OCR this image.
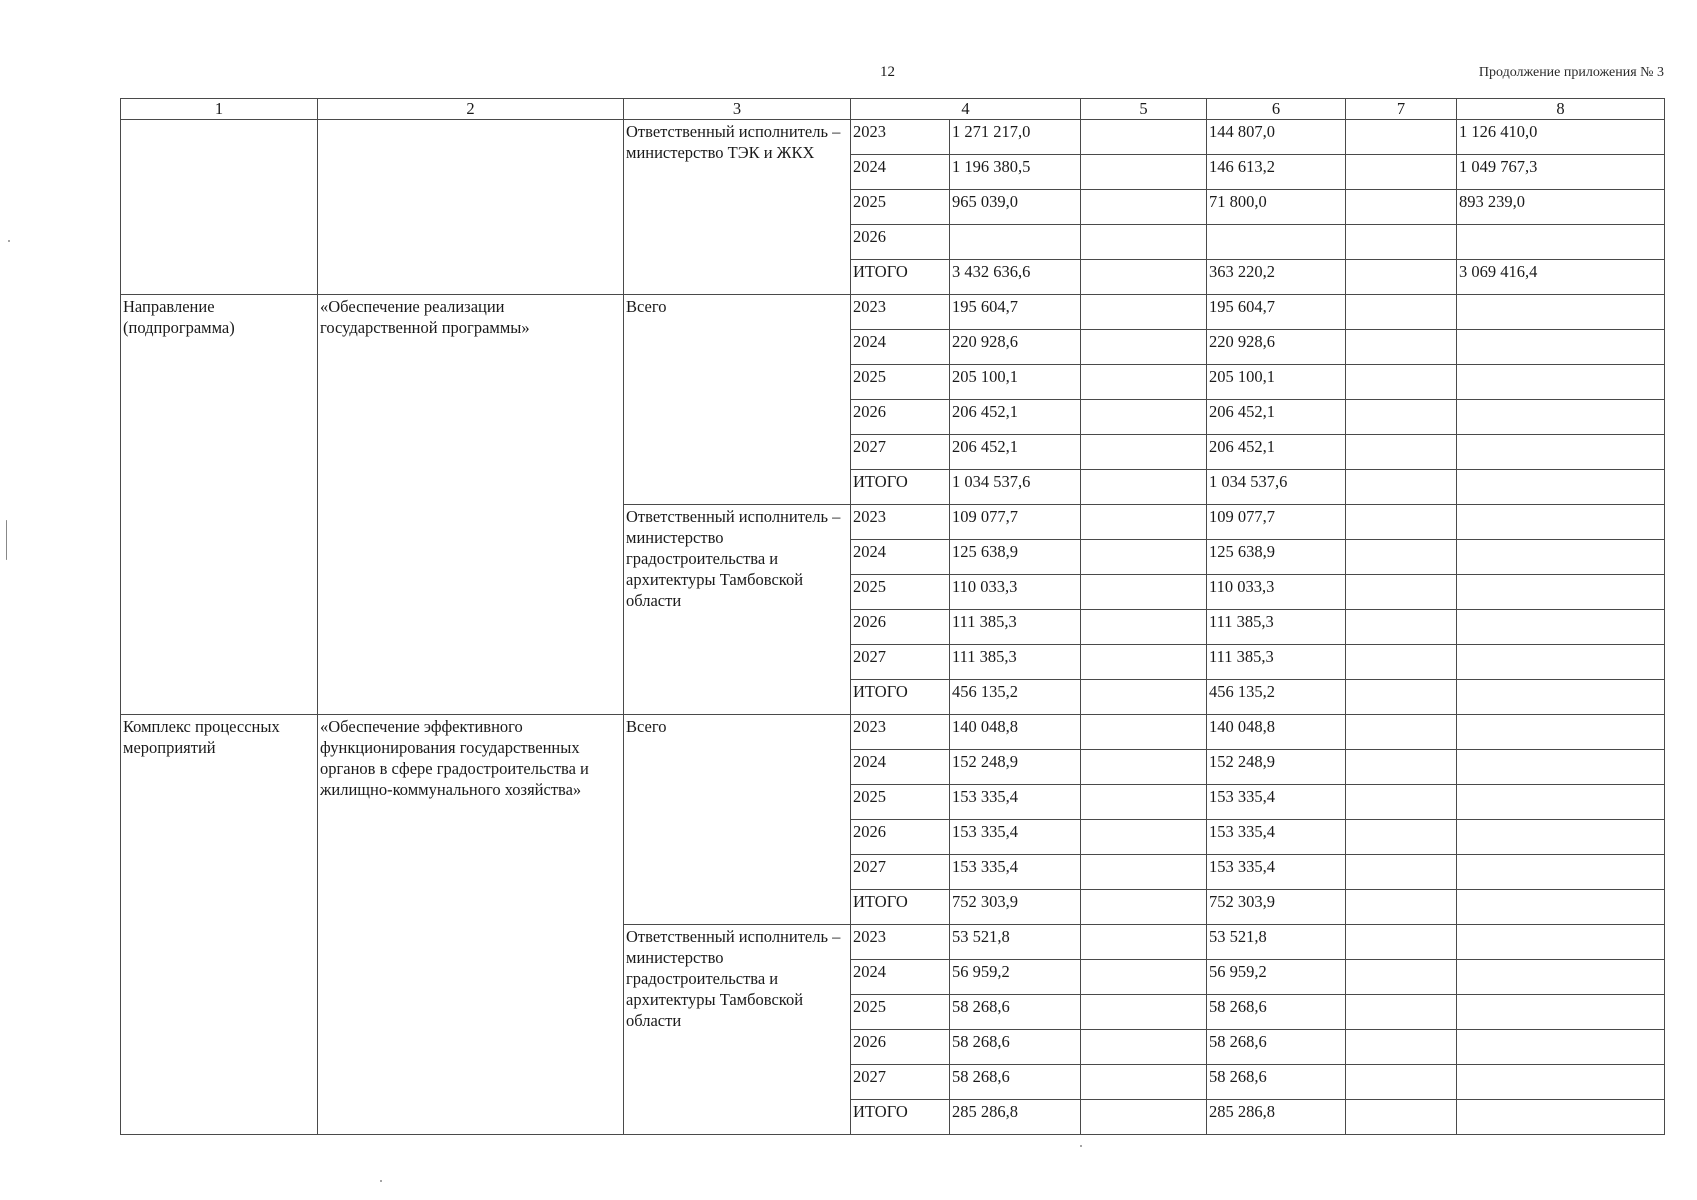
12	Продолжение приложения № 3
1	2	3	4		5	6	7	8
		Ответственный исполнитель – министерство ТЭК и ЖКХ	2023	1 271 217,0		144 807,0		1 126 410,0
			2024	1 196 380,5		146 613,2		1 049 767,3
			2025	965 039,0		71 800,0		893 239,0
			2026					
			ИТОГО	3 432 636,6		363 220,2		3 069 416,4
Направление (подпрограмма)	«Обеспечение реализации государственной программы»	Всего	2023	195 604,7		195 604,7		
			2024	220 928,6		220 928,6		
			2025	205 100,1		205 100,1		
			2026	206 452,1		206 452,1		
			2027	206 452,1		206 452,1		
			ИТОГО	1 034 537,6		1 034 537,6		
		Ответственный исполнитель – министерство градостроительства и архитектуры Тамбовской области	2023	109 077,7		109 077,7		
			2024	125 638,9		125 638,9		
			2025	110 033,3		110 033,3		
			2026	111 385,3		111 385,3		
			2027	111 385,3		111 385,3		
			ИТОГО	456 135,2		456 135,2		
Комплекс процессных мероприятий	«Обеспечение эффективного функционирования государственных органов в сфере градостроительства и жилищно-коммунального хозяйства»	Всего	2023	140 048,8		140 048,8		
			2024	152 248,9		152 248,9		
			2025	153 335,4		153 335,4		
			2026	153 335,4		153 335,4		
			2027	153 335,4		153 335,4		
			ИТОГО	752 303,9		752 303,9		
		Ответственный исполнитель – министерство градостроительства и архитектуры Тамбовской области	2023	53 521,8		53 521,8		
			2024	56 959,2		56 959,2		
			2025	58 268,6		58 268,6		
			2026	58 268,6		58 268,6		
			2027	58 268,6		58 268,6		
			ИТОГО	285 286,8		285 286,8		
